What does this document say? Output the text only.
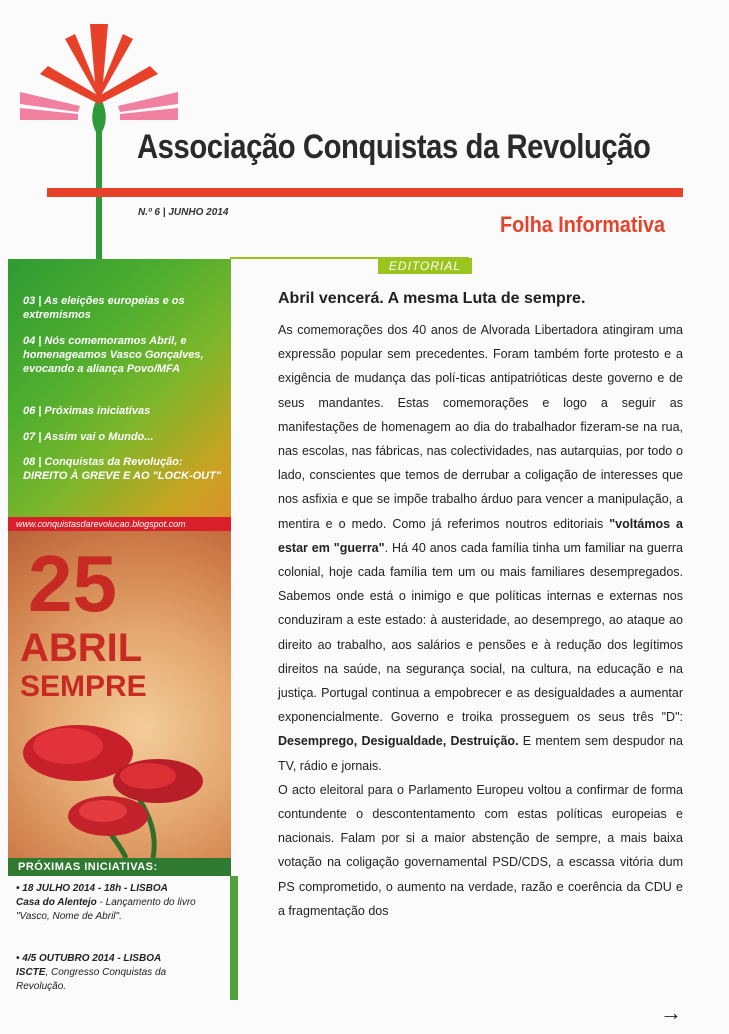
Associação Conquistas da Revolução
N.º 6 | JUNHO 2014	Folha Informativa
EDITORIAL
03 | As eleições europeias e os extremismos
04 | Nós comemoramos Abril, e homenageamos Vasco Gonçalves, evocando a aliança Povo/MFA
06 | Próximas iniciativas
07 | Assim vai o Mundo...
08 | Conquistas da Revolução: DIREITO À GREVE E AO "LOCK-OUT"
www.conquistasdarevolucao.blogspot.com
25
ABRIL
SEMPRE
PRÓXIMAS INICIATIVAS:
• 18 JULHO 2014 - 18h - LISBOA
Casa do Alentejo - Lançamento do livro "Vasco, Nome de Abril".
• 4/5 OUTUBRO 2014 - LISBOA
ISCTE, Congresso Conquistas da Revolução.
Abril vencerá. A mesma Luta de sempre.

As comemorações dos 40 anos de Alvorada Libertadora atingiram uma expressão popular sem precedentes. Foram também forte protesto e a exigência de mudança das polí-ticas antipatrióticas deste governo e de seus mandantes. Estas comemorações e logo a seguir as manifestações de homenagem ao dia do trabalhador fizeram-se na rua, nas escolas, nas fábricas, nas colectividades, nas autarquias, por todo o lado, conscientes que temos de derrubar a coligação de interesses que nos asfixia e que se impõe trabalho árduo para vencer a manipulação, a mentira e o medo. Como já referimos noutros editoriais "voltámos a estar em "guerra". Há 40 anos cada família tinha um familiar na guerra colonial, hoje cada família tem um ou mais familiares desempregados. Sabemos onde está o inimigo e que políticas internas e externas nos conduziram a este estado: à austeridade, ao desemprego, ao ataque ao direito ao trabalho, aos salários e pensões e à redução dos legítimos direitos na saúde, na segurança social, na cultura, na educação e na justiça. Portugal continua a empobrecer e as desigualdades a aumentar exponencialmente. Governo e troika prosseguem os seus três "D": Desemprego, Desigualdade, Destruição. E mentem sem despudor na TV, rádio e jornais.

O acto eleitoral para o Parlamento Europeu voltou a confirmar de forma contundente o descontentamento com estas políticas europeias e nacionais. Falam por si a maior abstenção de sempre, a mais baixa votação na coligação governamental PSD/CDS, a escassa vitória dum PS comprometido, o aumento na verdade, razão e coerência da CDU e a fragmentação dos

→
